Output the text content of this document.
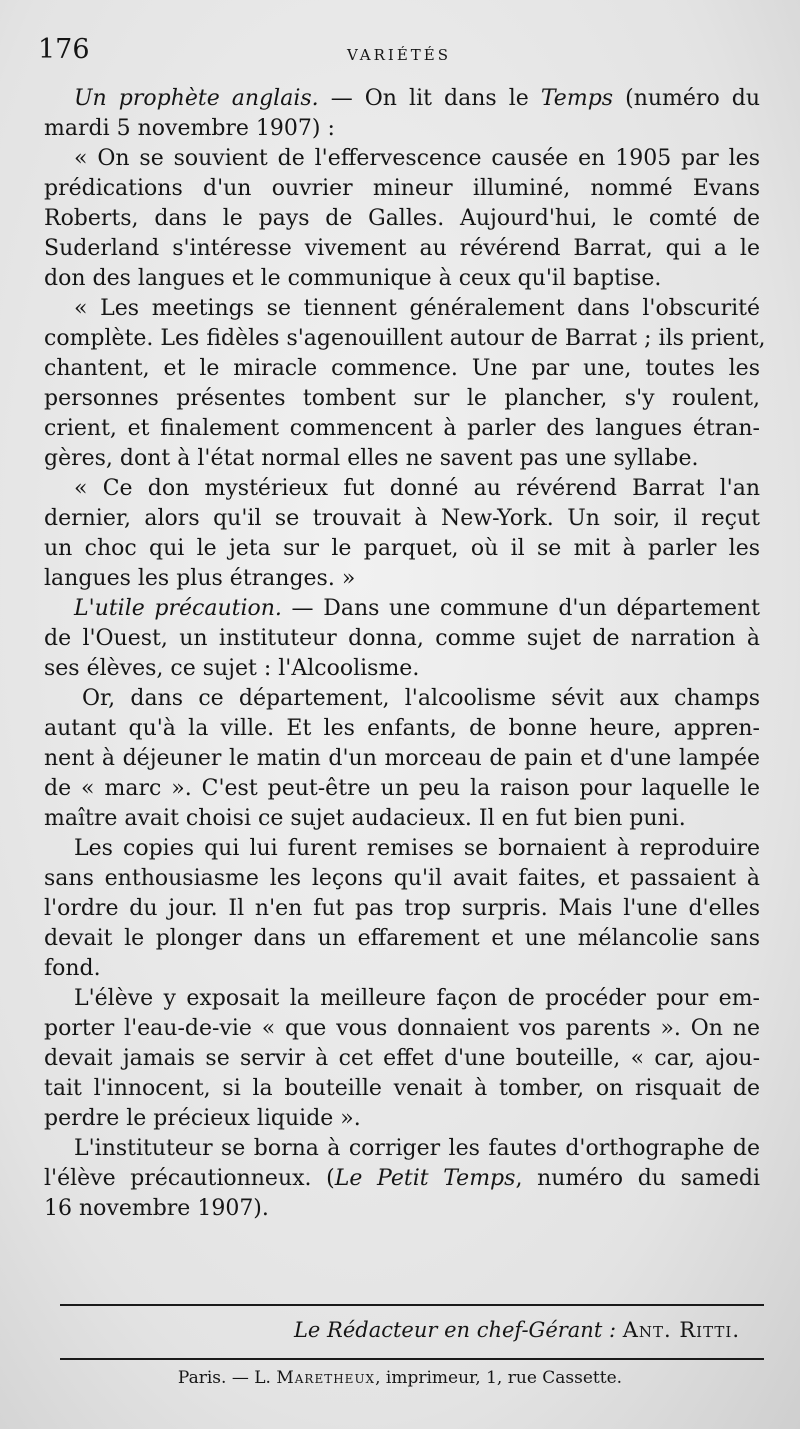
176	VARIÉTÉS
Un prophète anglais. — On lit dans le Temps (numéro du
mardi 5 novembre 1907) :
« On se souvient de l'effervescence causée en 1905 par les
prédications d'un ouvrier mineur illuminé, nommé Evans
Roberts, dans le pays de Galles. Aujourd'hui, le comté de
Suderland s'intéresse vivement au révérend Barrat, qui a le
don des langues et le communique à ceux qu'il baptise.
« Les meetings se tiennent généralement dans l'obscurité
complète. Les fidèles s'agenouillent autour de Barrat ; ils prient,
chantent, et le miracle commence. Une par une, toutes les
personnes présentes tombent sur le plancher, s'y roulent,
crient, et finalement commencent à parler des langues étran-
gères, dont à l'état normal elles ne savent pas une syllabe.
« Ce don mystérieux fut donné au révérend Barrat l'an
dernier, alors qu'il se trouvait à New-York. Un soir, il reçut
un choc qui le jeta sur le parquet, où il se mit à parler les
langues les plus étranges. »
L'utile précaution. — Dans une commune d'un département
de l'Ouest, un instituteur donna, comme sujet de narration à
ses élèves, ce sujet : l'Alcoolisme.
Or, dans ce département, l'alcoolisme sévit aux champs
autant qu'à la ville. Et les enfants, de bonne heure, appren-
nent à déjeuner le matin d'un morceau de pain et d'une lampée
de « marc ». C'est peut-être un peu la raison pour laquelle le
maître avait choisi ce sujet audacieux. Il en fut bien puni.
Les copies qui lui furent remises se bornaient à reproduire
sans enthousiasme les leçons qu'il avait faites, et passaient à
l'ordre du jour. Il n'en fut pas trop surpris. Mais l'une d'elles
devait le plonger dans un effarement et une mélancolie sans
fond.
L'élève y exposait la meilleure façon de procéder pour em-
porter l'eau-de-vie « que vous donnaient vos parents ». On ne
devait jamais se servir à cet effet d'une bouteille, « car, ajou-
tait l'innocent, si la bouteille venait à tomber, on risquait de
perdre le précieux liquide ».
L'instituteur se borna à corriger les fautes d'orthographe de
l'élève précautionneux. (Le Petit Temps, numéro du samedi
16 novembre 1907).
Le Rédacteur en chef-Gérant : Ant. Ritti.
Paris. — L. Maretheux, imprimeur, 1, rue Cassette.
